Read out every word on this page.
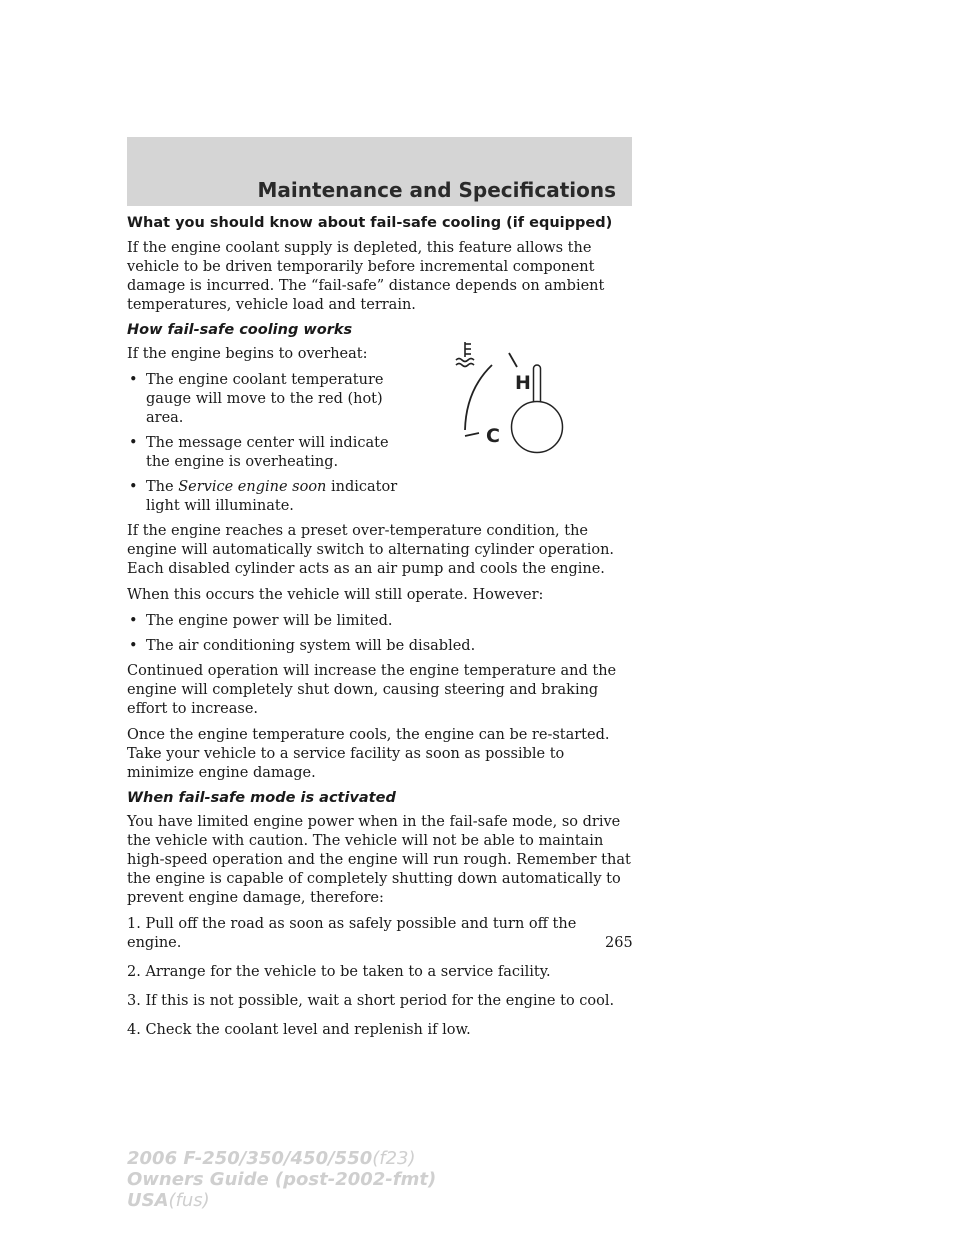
Maintenance and Specifications
What you should know about fail-safe cooling (if equipped)

If the engine coolant supply is depleted, this feature allows the vehicle to be driven temporarily before incremental component damage is incurred. The “fail-safe” distance depends on ambient temperatures, vehicle load and terrain.

How fail-safe cooling works

If the engine begins to overheat:

• The engine coolant temperature gauge will move to the red (hot) area.
• The message center will indicate the engine is overheating.
• The Service engine soon indicator light will illuminate.

If the engine reaches a preset over-temperature condition, the engine will automatically switch to alternating cylinder operation. Each disabled cylinder acts as an air pump and cools the engine.

When this occurs the vehicle will still operate. However:

• The engine power will be limited.
• The air conditioning system will be disabled.

Continued operation will increase the engine temperature and the engine will completely shut down, causing steering and braking effort to increase.

Once the engine temperature cools, the engine can be re-started. Take your vehicle to a service facility as soon as possible to minimize engine damage.

When fail-safe mode is activated

You have limited engine power when in the fail-safe mode, so drive the vehicle with caution. The vehicle will not be able to maintain high-speed operation and the engine will run rough. Remember that the engine is capable of completely shutting down automatically to prevent engine damage, therefore:

1. Pull off the road as soon as safely possible and turn off the engine.
2. Arrange for the vehicle to be taken to a service facility.
3. If this is not possible, wait a short period for the engine to cool.
4. Check the coolant level and replenish if low.
H
C
265
2006 F-250/350/450/550(f23)
Owners Guide (post-2002-fmt)
USA(fus)
